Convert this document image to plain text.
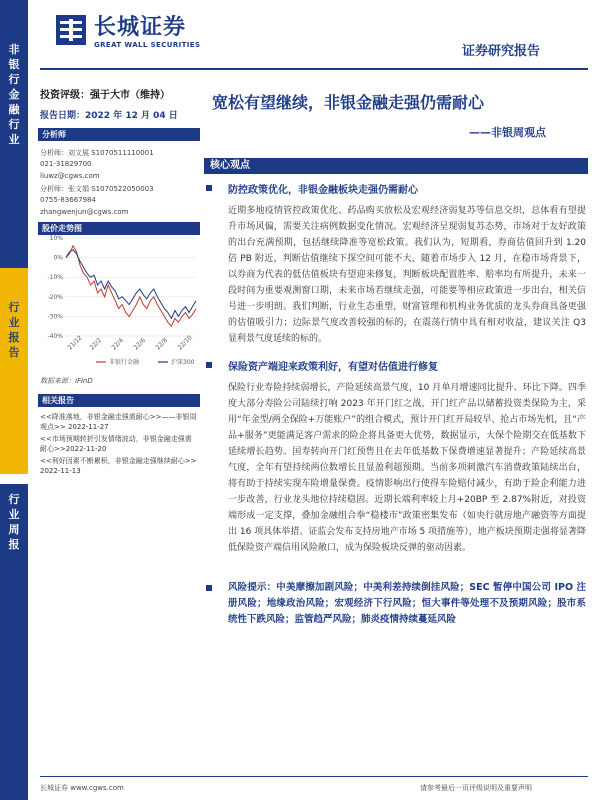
非
银
行
金
融
行
业
行
业
报
告
行
业
周
报
长城证券
GREAT WALL SECURITIES	证券研究报告
投资评级：强于大市（维持）
报告日期：2022 年 12 月 04 日
分析师
分析师：刘文展 S1070511110001
021-31829700
liuwz@cgws.com
分析师：张文娟 S1070522050003
0755-83667984
zhangwenjun@cgws.com
股价走势图
10%
0%
-10%
-20%
-30%
-40% 21/12 22/2 22/4 22/6 22/8 22/10
非银行金融	沪深300
数据来源：iFinD
相关报告
<<降准落地，非银金融走强需耐心>>——非银周观点>> 2022-11-27
<<市场预期转折引发情绪波动，非银金融走强需耐心>>2022-11-20
<<利好因素不断累积，非银金融走强继续耐心>> 2022-11-13
宽松有望继续，非银金融走强仍需耐心
——非银周观点
核心观点
防控政策优化，非银金融板块走强仍需耐心
近期多地疫情管控政策优化、药品购买放松及宏观经济弱复苏等信息交织，总体看有望提升市场风偏，需要关注病例数据变化情况。宏观经济呈现弱复苏态势，市场对于友好政策的出台充满预期，包括继续降准等宽松政策。我们认为，短期看，券商估值回升到 1.20 倍 PB 附近，判断估值继续下探空间可能不大，随着市场步入 12 月，在稳市场背景下，以券商为代表的低估值板块有望迎来修复，判断板块配置胜率、赔率均有所提升，未来一段时间为重要观测窗口期，未来市场若继续走强，可能要等相应政策进一步出台，相关信号进一步明朗。我们判断，行业生态重塑，财富管理和机构业务优质的龙头券商具备更强的估值吸引力；边际景气度改善较强的标的，在震荡行情中具有相对收益，建议关注 Q3 显利景气度延续的标的。
保险资产端迎来政策利好，有望对估值进行修复
保险行业寿险持续弱增长，产险延续高景气度，10 月单月增速同比提升、环比下降。四季度大部分寿险公司陆续打响 2023 年开门红之战，开门红产品以储蓄投资类保险为主，采用“年金型/两全保险+万能账户”的组合模式，预计开门红开局较早、抢占市场先机，且“产品+服务”更能满足客户需求的险企将具备更大优势，数据显示，大保个险期交在低基数下延续增长趋势。国寿转向开门红预售且在去年低基数下保费增速显著提升；产险延续高景气度，全年有望持续两位数增长且显盈利超预期。当前多项刺激汽车消费政策陆续出台，将有助于持续实现车险增量保费。疫情影响出行使得车险赔付减少，有助于险企利能力进一步改善，行业龙头地位持续稳固。近期长端利率较上月+20BP 至 2.87%附近，对投资端形成一定支撑，叠加金融组合拳“稳楼市”政策密集发布（如央行就房地产融资等方面提出 16 项具体举措、证监会发布支持房地产市场 5 项措施等），地产板块预期走强将显著降低保险资产端信用风险敞口，成为保险板块反弹的驱动因素。
风险提示：中美摩擦加剧风险；中美利差持续倒挂风险；SEC 暂停中国公司 IPO 注册风险；地缘政治风险；宏观经济下行风险；恒大事件等处理不及预期风险；股市系统性下跌风险；监管趋严风险；肺炎疫情持续蔓延风险
长城证券 www.cgws.com	请参考最后一页评级说明及重要声明
